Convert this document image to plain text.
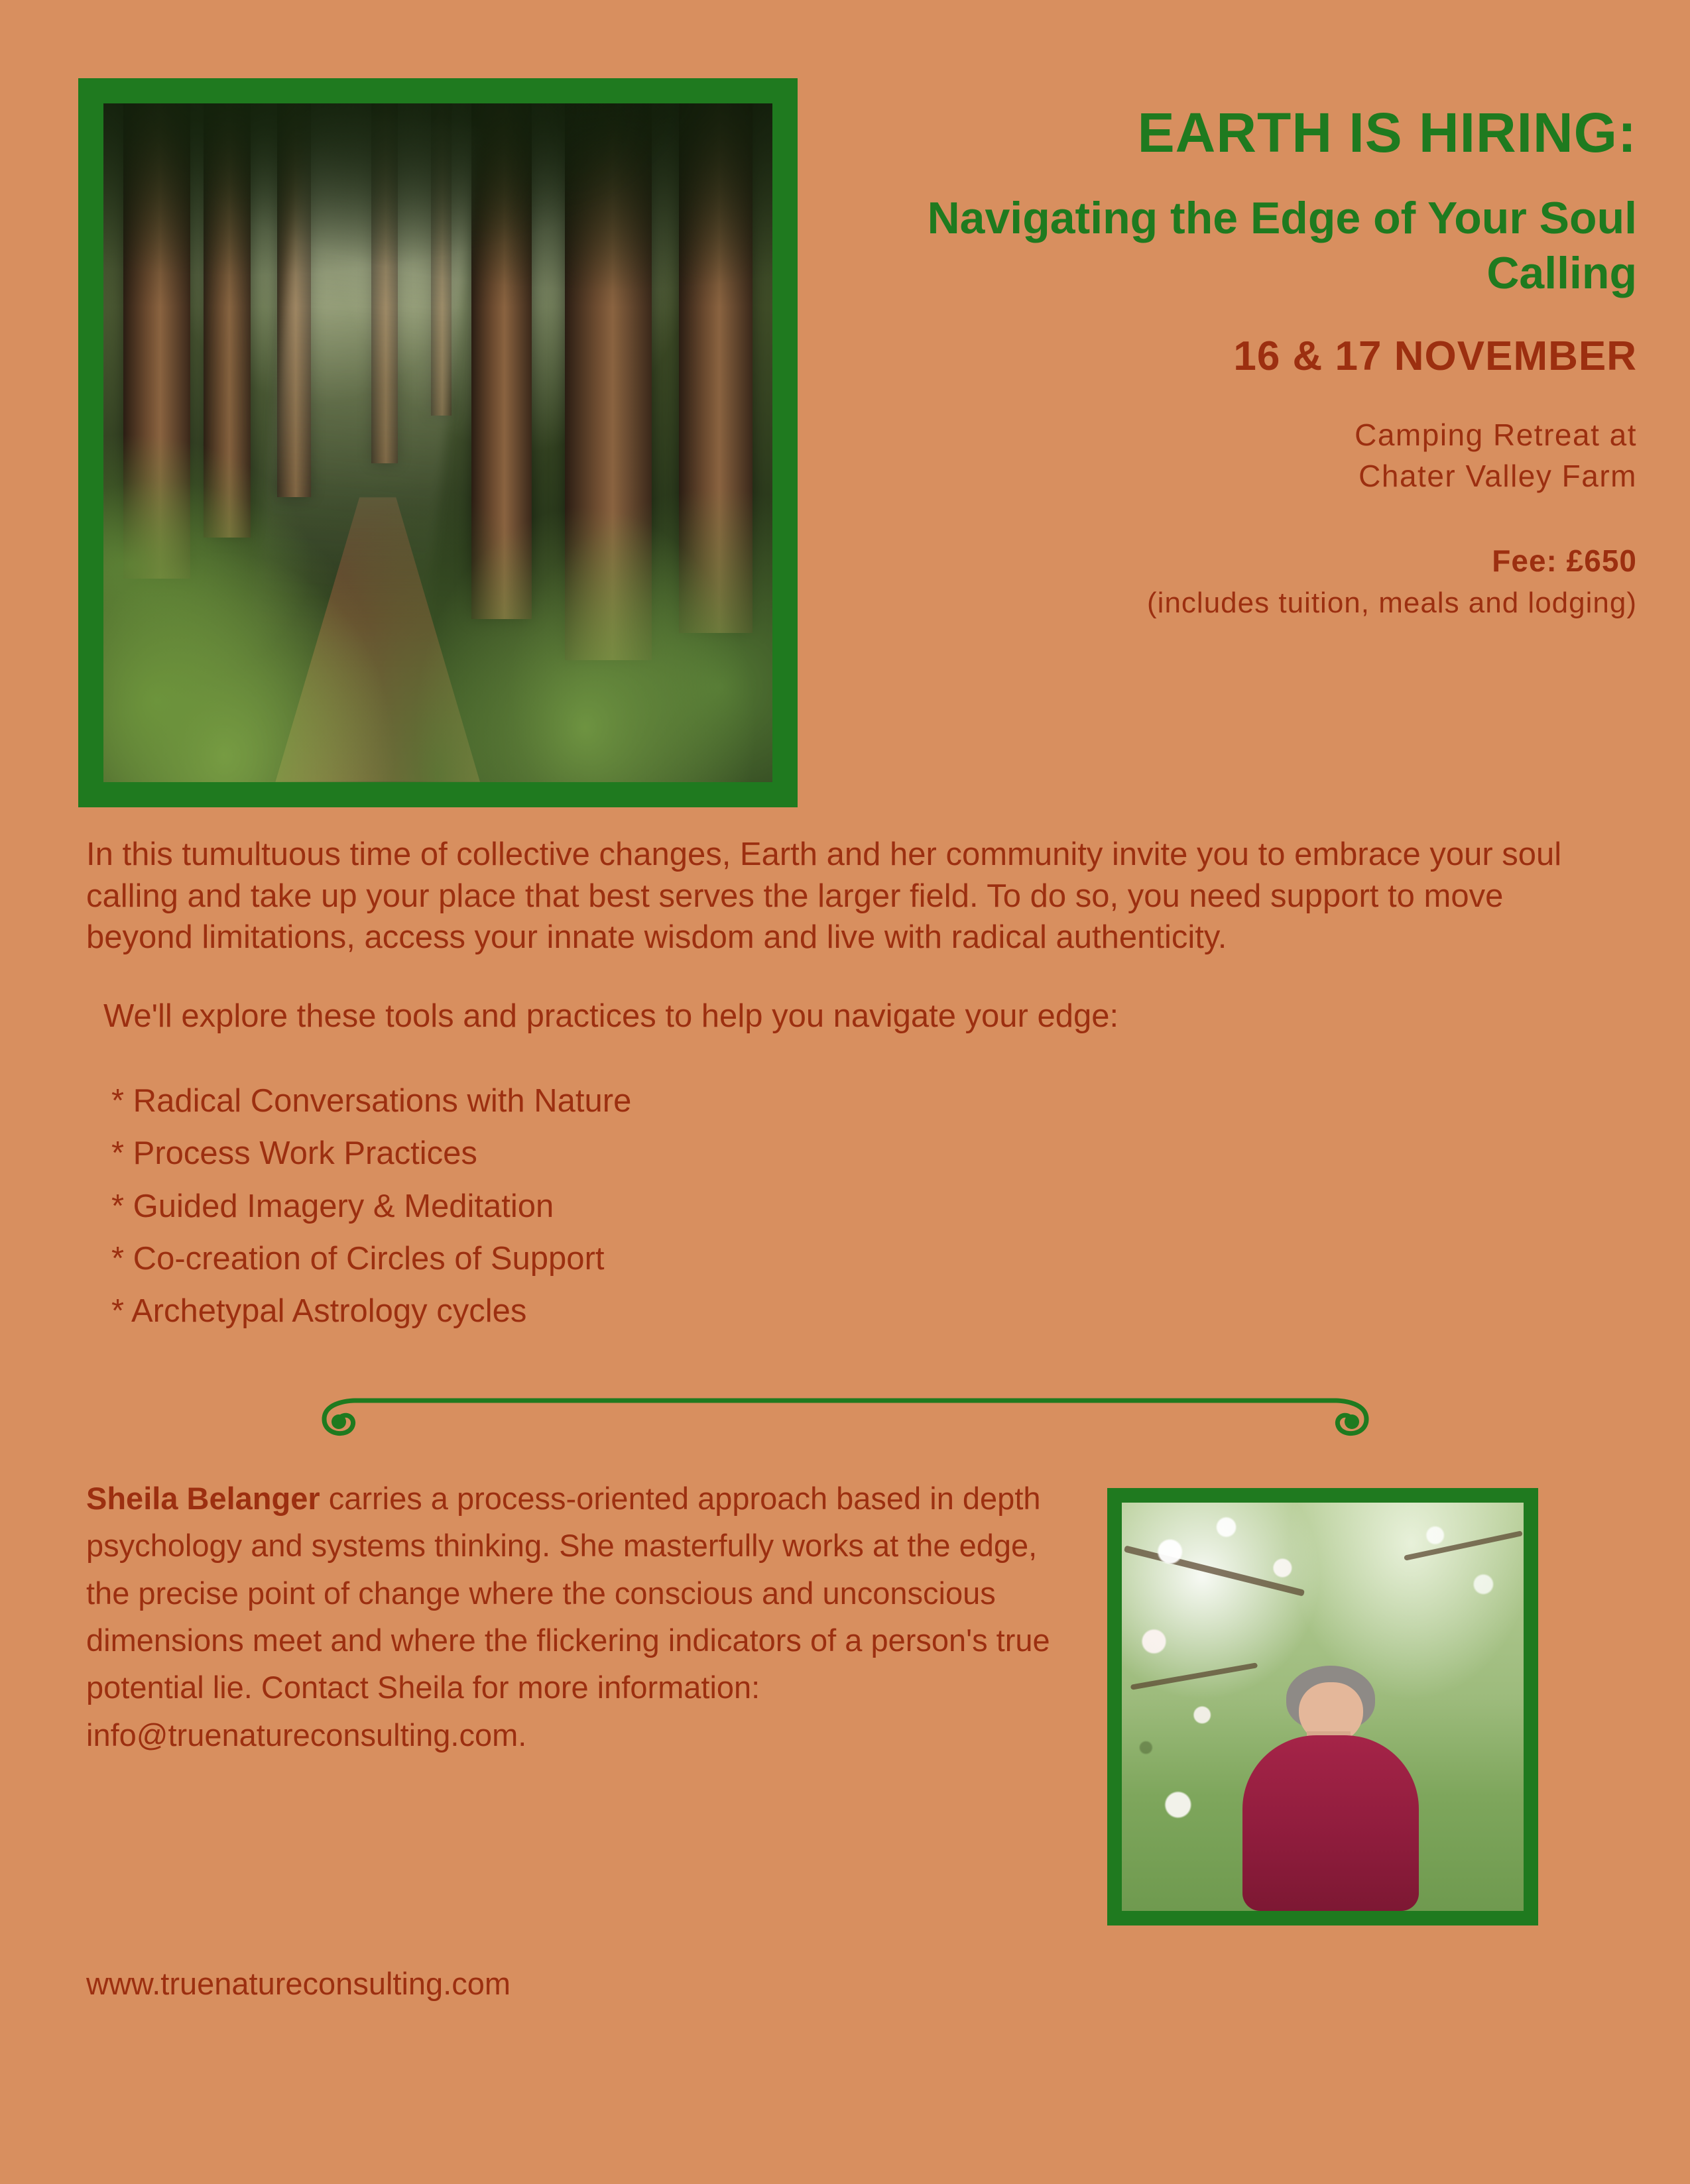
EARTH IS HIRING:
Navigating the Edge of Your Soul Calling
16 & 17 NOVEMBER
Camping Retreat at
Chater Valley Farm
Fee: £650
(includes tuition, meals and lodging)

In this tumultuous time of collective changes, Earth and her community invite you to embrace your soul calling and take up your place that best serves the larger field. To do so, you need support to move beyond limitations, access your innate wisdom and live with radical authenticity.

We'll explore these tools and practices to help you navigate your edge:

* Radical Conversations with Nature
* Process Work Practices
* Guided Imagery & Meditation
* Co-creation of Circles of Support
* Archetypal Astrology cycles
Sheila Belanger carries a process-oriented approach based in depth psychology and systems thinking. She masterfully works at the edge, the precise point of change where the conscious and unconscious dimensions meet and where the flickering indicators of a person's true potential lie. Contact Sheila for more information: info@truenatureconsulting.com.
www.truenatureconsulting.com
